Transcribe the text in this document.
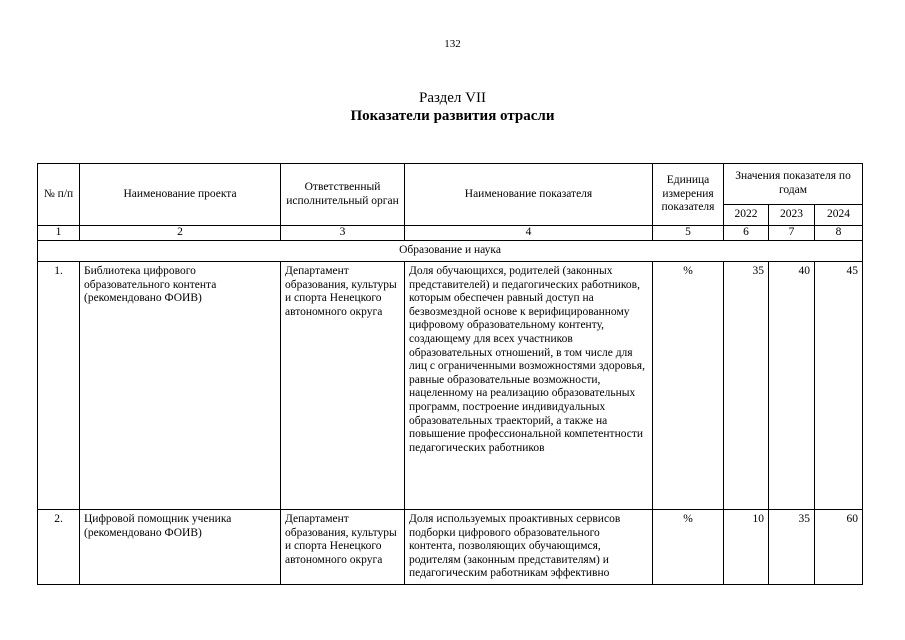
132
Раздел VII
Показатели развития отрасли
№ п/п	Наименование проекта	Ответственный исполнительный орган	Наименование показателя	Единица измерения показателя	Значения показателя по годам		
					2022	2023	2024
1	2	3	4	5	6	7	8
Образование и наука							
1.	Библиотека цифрового образовательного контента (рекомендовано ФОИВ)	Департамент образования, культуры и спорта Ненецкого автономного округа	Доля обучающихся, родителей (законных представителей) и педагогических работников, которым обеспечен равный доступ на безвозмездной основе к верифицированному цифровому образовательному контенту, создающему для всех участников образовательных отношений, в том числе для лиц с ограниченными возможностями здоровья, равные образовательные возможности, нацеленному на реализацию образовательных программ, построение индивидуальных образовательных траекторий, а также на повышение профессиональной компетентности педагогических работников	%	35	40	45
2.	Цифровой помощник ученика (рекомендовано ФОИВ)	Департамент образования, культуры и спорта Ненецкого автономного округа	Доля используемых проактивных сервисов подборки цифрового образовательного контента, позволяющих обучающимся, родителям (законным представителям) и педагогическим работникам эффективно	%	10	35	60
